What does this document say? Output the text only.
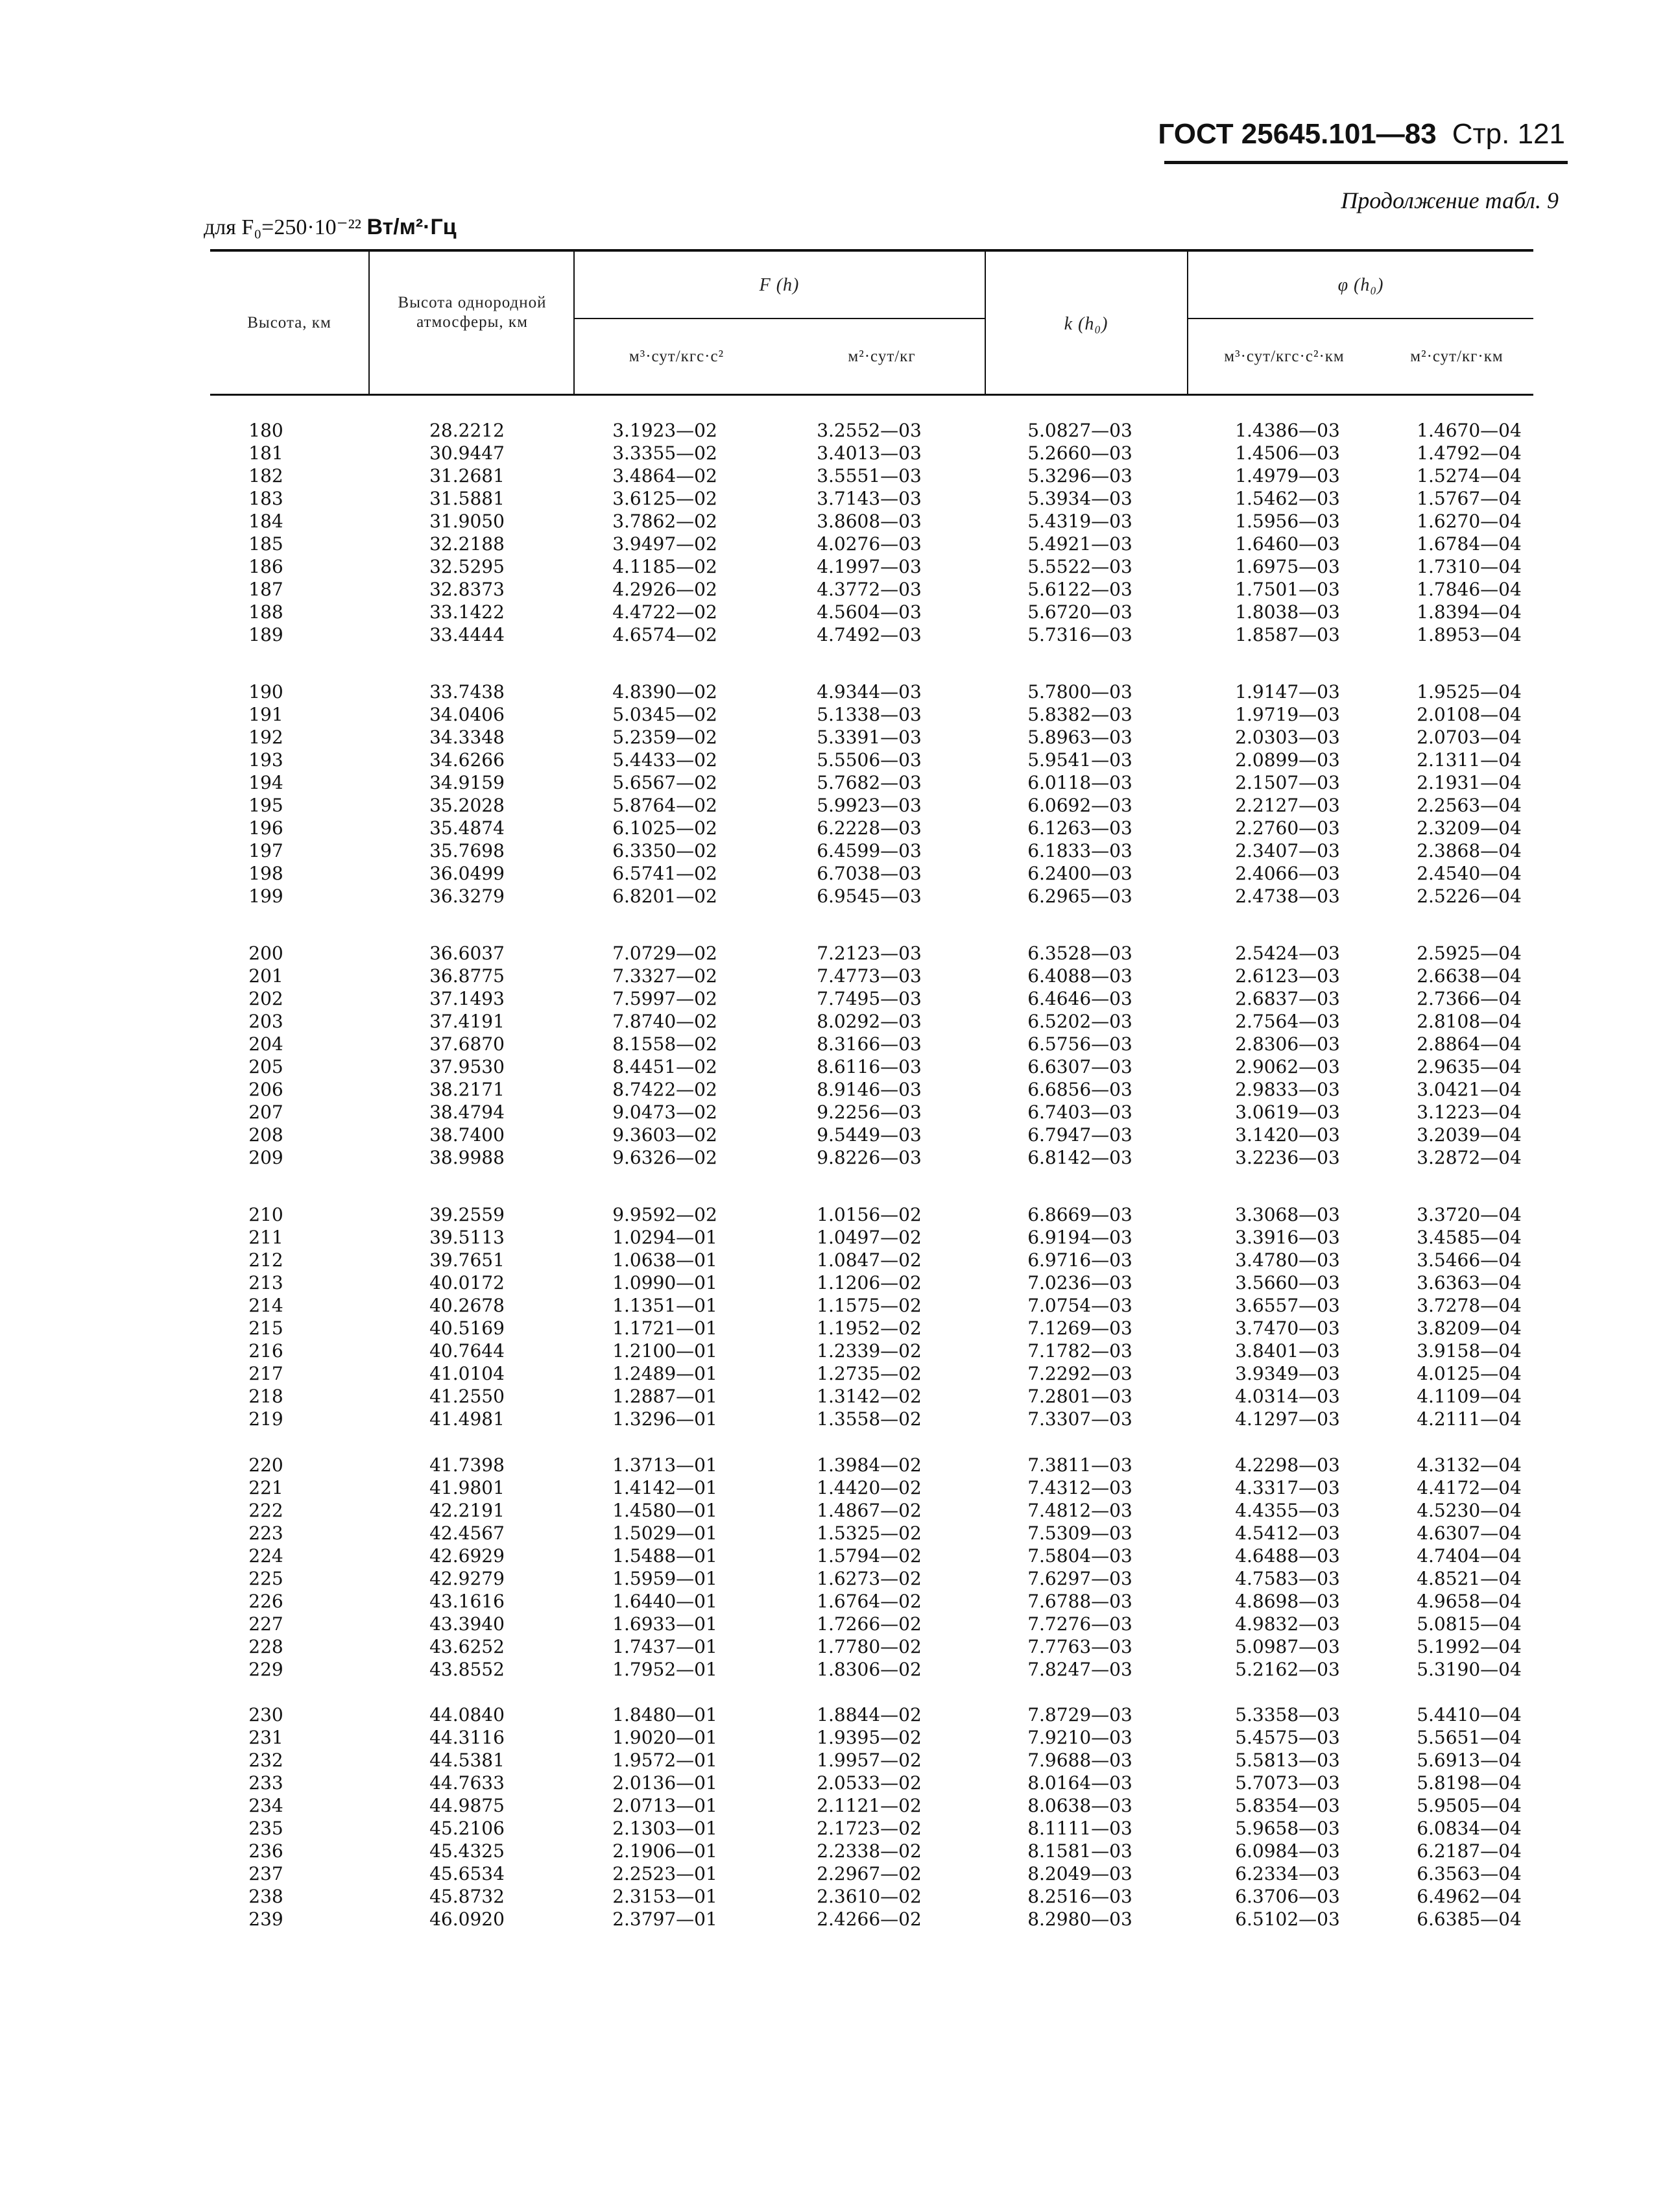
ГОСТ 25645.101—83 Стр. 121
Продолжение табл. 9
для F₀=250·10⁻²² Вт/м²·Гц
Высота, км
Высота однородной атмосферы, км
F (h)
м³·сут/кгс·с²	м²·сут/кг
k (h₀)
φ (h₀)
м³·сут/кгс·с²·км	м²·сут/кг·км
180	28.2212	3.1923—02	3.2552—03	5.0827—03	1.4386—03	1.4670—04
181	30.9447	3.3355—02	3.4013—03	5.2660—03	1.4506—03	1.4792—04
182	31.2681	3.4864—02	3.5551—03	5.3296—03	1.4979—03	1.5274—04
183	31.5881	3.6125—02	3.7143—03	5.3934—03	1.5462—03	1.5767—04
184	31.9050	3.7862—02	3.8608—03	5.4319—03	1.5956—03	1.6270—04
185	32.2188	3.9497—02	4.0276—03	5.4921—03	1.6460—03	1.6784—04
186	32.5295	4.1185—02	4.1997—03	5.5522—03	1.6975—03	1.7310—04
187	32.8373	4.2926—02	4.3772—03	5.6122—03	1.7501—03	1.7846—04
188	33.1422	4.4722—02	4.5604—03	5.6720—03	1.8038—03	1.8394—04
189	33.4444	4.6574—02	4.7492—03	5.7316—03	1.8587—03	1.8953—04
190	33.7438	4.8390—02	4.9344—03	5.7800—03	1.9147—03	1.9525—04
191	34.0406	5.0345—02	5.1338—03	5.8382—03	1.9719—03	2.0108—04
192	34.3348	5.2359—02	5.3391—03	5.8963—03	2.0303—03	2.0703—04
193	34.6266	5.4433—02	5.5506—03	5.9541—03	2.0899—03	2.1311—04
194	34.9159	5.6567—02	5.7682—03	6.0118—03	2.1507—03	2.1931—04
195	35.2028	5.8764—02	5.9923—03	6.0692—03	2.2127—03	2.2563—04
196	35.4874	6.1025—02	6.2228—03	6.1263—03	2.2760—03	2.3209—04
197	35.7698	6.3350—02	6.4599—03	6.1833—03	2.3407—03	2.3868—04
198	36.0499	6.5741—02	6.7038—03	6.2400—03	2.4066—03	2.4540—04
199	36.3279	6.8201—02	6.9545—03	6.2965—03	2.4738—03	2.5226—04
200	36.6037	7.0729—02	7.2123—03	6.3528—03	2.5424—03	2.5925—04
201	36.8775	7.3327—02	7.4773—03	6.4088—03	2.6123—03	2.6638—04
202	37.1493	7.5997—02	7.7495—03	6.4646—03	2.6837—03	2.7366—04
203	37.4191	7.8740—02	8.0292—03	6.5202—03	2.7564—03	2.8108—04
204	37.6870	8.1558—02	8.3166—03	6.5756—03	2.8306—03	2.8864—04
205	37.9530	8.4451—02	8.6116—03	6.6307—03	2.9062—03	2.9635—04
206	38.2171	8.7422—02	8.9146—03	6.6856—03	2.9833—03	3.0421—04
207	38.4794	9.0473—02	9.2256—03	6.7403—03	3.0619—03	3.1223—04
208	38.7400	9.3603—02	9.5449—03	6.7947—03	3.1420—03	3.2039—04
209	38.9988	9.6326—02	9.8226—03	6.8142—03	3.2236—03	3.2872—04
210	39.2559	9.9592—02	1.0156—02	6.8669—03	3.3068—03	3.3720—04
211	39.5113	1.0294—01	1.0497—02	6.9194—03	3.3916—03	3.4585—04
212	39.7651	1.0638—01	1.0847—02	6.9716—03	3.4780—03	3.5466—04
213	40.0172	1.0990—01	1.1206—02	7.0236—03	3.5660—03	3.6363—04
214	40.2678	1.1351—01	1.1575—02	7.0754—03	3.6557—03	3.7278—04
215	40.5169	1.1721—01	1.1952—02	7.1269—03	3.7470—03	3.8209—04
216	40.7644	1.2100—01	1.2339—02	7.1782—03	3.8401—03	3.9158—04
217	41.0104	1.2489—01	1.2735—02	7.2292—03	3.9349—03	4.0125—04
218	41.2550	1.2887—01	1.3142—02	7.2801—03	4.0314—03	4.1109—04
219	41.4981	1.3296—01	1.3558—02	7.3307—03	4.1297—03	4.2111—04
220	41.7398	1.3713—01	1.3984—02	7.3811—03	4.2298—03	4.3132—04
221	41.9801	1.4142—01	1.4420—02	7.4312—03	4.3317—03	4.4172—04
222	42.2191	1.4580—01	1.4867—02	7.4812—03	4.4355—03	4.5230—04
223	42.4567	1.5029—01	1.5325—02	7.5309—03	4.5412—03	4.6307—04
224	42.6929	1.5488—01	1.5794—02	7.5804—03	4.6488—03	4.7404—04
225	42.9279	1.5959—01	1.6273—02	7.6297—03	4.7583—03	4.8521—04
226	43.1616	1.6440—01	1.6764—02	7.6788—03	4.8698—03	4.9658—04
227	43.3940	1.6933—01	1.7266—02	7.7276—03	4.9832—03	5.0815—04
228	43.6252	1.7437—01	1.7780—02	7.7763—03	5.0987—03	5.1992—04
229	43.8552	1.7952—01	1.8306—02	7.8247—03	5.2162—03	5.3190—04
230	44.0840	1.8480—01	1.8844—02	7.8729—03	5.3358—03	5.4410—04
231	44.3116	1.9020—01	1.9395—02	7.9210—03	5.4575—03	5.5651—04
232	44.5381	1.9572—01	1.9957—02	7.9688—03	5.5813—03	5.6913—04
233	44.7633	2.0136—01	2.0533—02	8.0164—03	5.7073—03	5.8198—04
234	44.9875	2.0713—01	2.1121—02	8.0638—03	5.8354—03	5.9505—04
235	45.2106	2.1303—01	2.1723—02	8.1111—03	5.9658—03	6.0834—04
236	45.4325	2.1906—01	2.2338—02	8.1581—03	6.0984—03	6.2187—04
237	45.6534	2.2523—01	2.2967—02	8.2049—03	6.2334—03	6.3563—04
238	45.8732	2.3153—01	2.3610—02	8.2516—03	6.3706—03	6.4962—04
239	46.0920	2.3797—01	2.4266—02	8.2980—03	6.5102—03	6.6385—04
